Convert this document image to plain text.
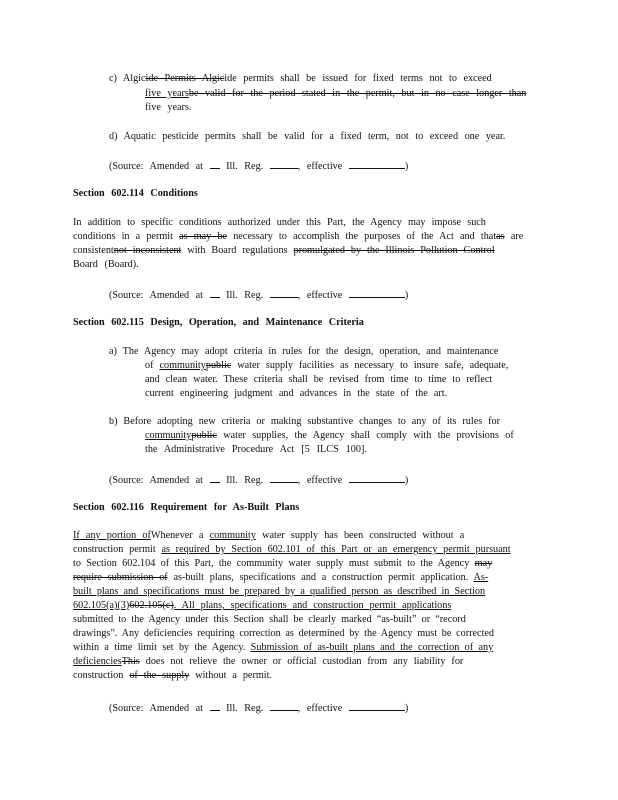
c) Algicide Permits Algicide permits shall be issued for fixed terms not to exceed
five yearsbe valid for the period stated in the permit, but in no case longer than
five years.
d) Aquatic pesticide permits shall be valid for a fixed term, not to exceed one year.
(Source: Amended at Ill. Reg.	, effective	)
Section 602.114 Conditions
In addition to specific conditions authorized under this Part, the Agency may impose such
conditions in a permit as may be necessary to accomplish the purposes of the Act and thatas are
consistentnot inconsistent with Board regulations promulgated by the Illinois Pollution Control
Board (Board).
(Source: Amended at Ill. Reg.	, effective	)
Section 602.115 Design, Operation, and Maintenance Criteria
a) The Agency may adopt criteria in rules for the design, operation, and maintenance
of communitypublic water supply facilities as necessary to insure safe, adequate,
and clean water. These criteria shall be revised from time to time to reflect
current engineering judgment and advances in the state of the art.
b) Before adopting new criteria or making substantive changes to any of its rules for
communitypublic water supplies, the Agency shall comply with the provisions of
the Administrative Procedure Act [5 ILCS 100].
(Source: Amended at Ill. Reg.	, effective	)
Section 602.116 Requirement for As-Built Plans
If any portion ofWhenever a community water supply has been constructed without a
construction permit as required by Section 602.101 of this Part or an emergency permit pursuant
to Section 602.104 of this Part, the community water supply must submit to the Agency may
require submission of as-built plans, specifications and a construction permit application. As-
built plans and specifications must be prepared by a qualified person as described in Section
602.105(a)(3)602.105(c). All plans, specifications and construction permit applications
submitted to the Agency under this Section shall be clearly marked “as-built” or “record
drawings”. Any deficiencies requiring correction as determined by the Agency must be corrected
within a time limit set by the Agency. Submission of as-built plans and the correction of any
deficienciesThis does not relieve the owner or official custodian from any liability for
construction of the supply without a permit.
(Source: Amended at Ill. Reg.	, effective	)
